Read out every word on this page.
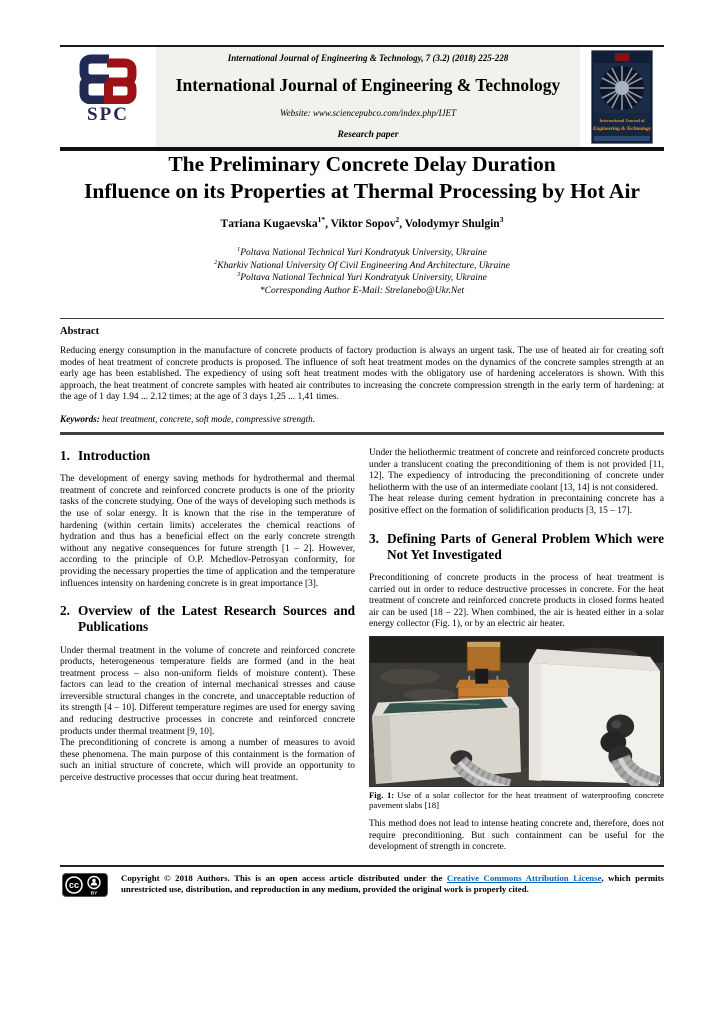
SPC
International Journal of Engineering & Technology, 7 (3.2) (2018) 225-228
International Journal of Engineering & Technology
Website: www.sciencepubco.com/index.php/IJET
Research paper
International Journal of
Engineering & Technology
The Preliminary Concrete Delay Duration
Influence on its Properties at Thermal Processing by Hot Air
Tатiana Kugaevska$^{1*}$, Viktor Sopov$^2$, Volodymyr Shulgin$^3$
$^1$Poltava National Technical Yuri Kondratyuk University, Ukraine
$^2$Kharkiv National University Of Civil Engineering And Architecture, Ukraine
$^3$Poltava National Technical Yuri Kondratyuk University, Ukraine
*Corresponding Author E-Mail: Strelanebo@Ukr.Net
Abstract

Reducing energy consumption in the manufacture of concrete products of factory production is always an urgent task. The use of heated air for creating soft modes of heat treatment of concrete products is proposed. The influence of soft heat treatment modes on the dynamics of the concrete samples strength at an early age has been established. The expediency of using soft heat treatment modes with the obligatory use of hardening accelerators is shown. With this approach, the heat treatment of concrete samples with heated air contributes to increasing the concrete compression strength in the early term of hardening: at the age of 1 day 1.94 ... 2.12 times; at the age of 3 days 1,25 ... 1,41 times.

Keywords: heat treatment, concrete, soft mode, compressive strength.
1. Introduction

The development of energy saving methods for hydrothermal and thermal treatment of concrete and reinforced concrete products is one of the priority tasks of the concrete studying. One of the ways of developing such methods is the use of solar energy. It is known that the rise in the temperature of hardening (within certain limits) accelerates the chemical reactions of hydration and thus has a beneficial effect on the early concrete strength without any negative consequences for future strength [1 – 2]. However, according to the principle of O.P. Mchedlov-Petrosyan conformity, for providing the necessary properties the time of application and the temperature influences intensity on hardening concrete is in great importance [3].

2. Overview of the Latest Research Sources and Publications

Under thermal treatment in the volume of concrete and reinforced concrete products, heterogeneous temperature fields are formed (and in the heat treatment process – also non-uniform fields of moisture content). These factors can lead to the creation of internal mechanical stresses and cause irreversible structural changes in the concrete, and unacceptable reduction of its strength [4 – 10]. Different temperature regimes are used for energy saving and reducing destructive processes in concrete and reinforced concrete products under thermal treatment [9, 10].

The preconditioning of concrete is among a number of measures to avoid these phenomena. The main purpose of this containment is the formation of such an initial structure of concrete, which will provide an opportunity to perceive destructive processes that occur during heat treatment.

Under the heliothermic treatment of concrete and reinforced concrete products under a translucent coating the preconditioning of them is not provided [11, 12]. The expediency of introducing the preconditioning of concrete under heliotherm with the use of an intermediate coolant [13, 14] is not considered.

The heat release during cement hydration in precontaining concrete has a positive effect on the formation of solidification products [3, 15 – 17].

3. Defining Parts of General Problem Which were Not Yet Investigated

Preconditioning of concrete products in the process of heat treatment is carried out in order to reduce destructive processes in concrete. For the heat treatment of concrete and reinforced concrete products in closed forms heated air can be used [18 – 22]. When combined, the air is heated either in a solar energy collector (Fig. 1), or by an electric air heater.

Fig. 1: Use of a solar collector for the heat treatment of waterproofing concrete pavement slabs [18]

This method does not lead to intense heating concrete and, therefore, does not require preconditioning. But such containment can be useful for the development of strength in concrete.

cc
BY
Copyright © 2018 Authors. This is an open access article distributed under the Creative Commons Attribution License, which permits unrestricted use, distribution, and reproduction in any medium, provided the original work is properly cited.
